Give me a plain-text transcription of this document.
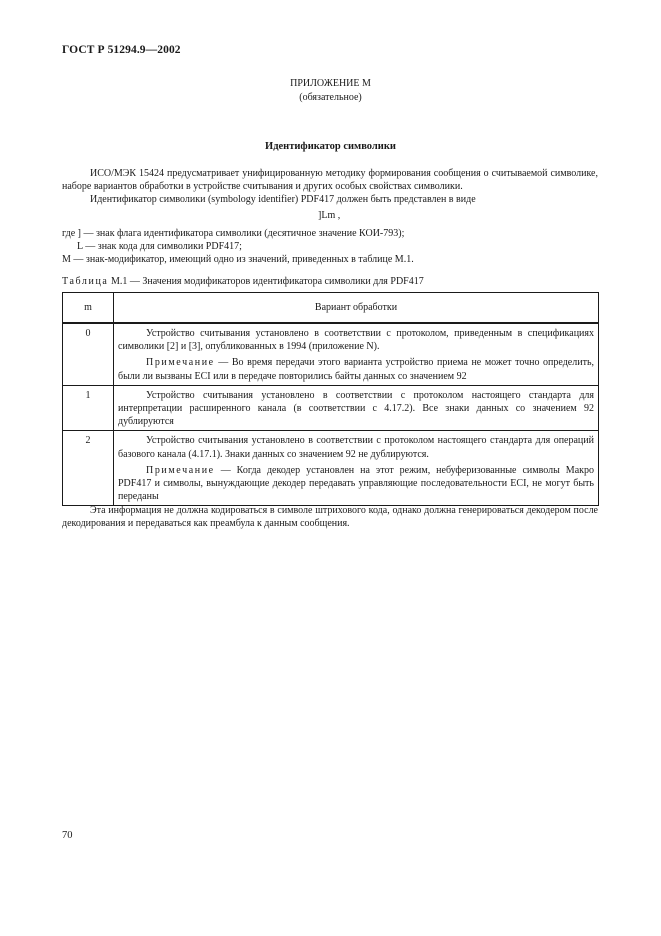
ГОСТ Р 51294.9—2002
ПРИЛОЖЕНИЕ М
(обязательное)
Идентификатор символики

ИСО/МЭК 15424 предусматривает унифицированную методику формирования сообщения о считываемой символике, наборе вариантов обработки в устройстве считывания и других особых свойствах символики.

Идентификатор символики (symbology identifier) PDF417 должен быть представлен в виде

]Lm ,
где ] — знак флага идентификатора символики (десятичное значение КОИ-793);
L — знак кода для символики PDF417;
M — знак-модификатор, имеющий одно из значений, приведенных в таблице М.1.
Таблица М.1 — Значения модификаторов идентификатора символики для PDF417
m	Вариант обработки
0	Устройство считывания установлено в соответствии с протоколом, приведенным в спецификациях символики [2] и [3], опубликованных в 1994 (приложение N).

Примечание — Во время передачи этого варианта устройство приема не может точно определить, были ли вызваны ECI или в передаче повторились байты данных со значением 92

1	Устройство считывания установлено в соответствии с протоколом настоящего стандарта для интерпретации расширенного канала (в соответствии с 4.17.2). Все знаки данных со значением 92 дублируются

2	Устройство считывания установлено в соответствии с протоколом настоящего стандарта для операций базового канала (4.17.1). Знаки данных со значением 92 не дублируются.

Примечание — Когда декодер установлен на этот режим, небуферизованные символы Макро PDF417 и символы, вынуждающие декодер передавать управляющие последовательности ECI, не могут быть переданы

Эта информация не должна кодироваться в символе штрихового кода, однако должна генерироваться декодером после декодирования и передаваться как преамбула к данным сообщения.

70
